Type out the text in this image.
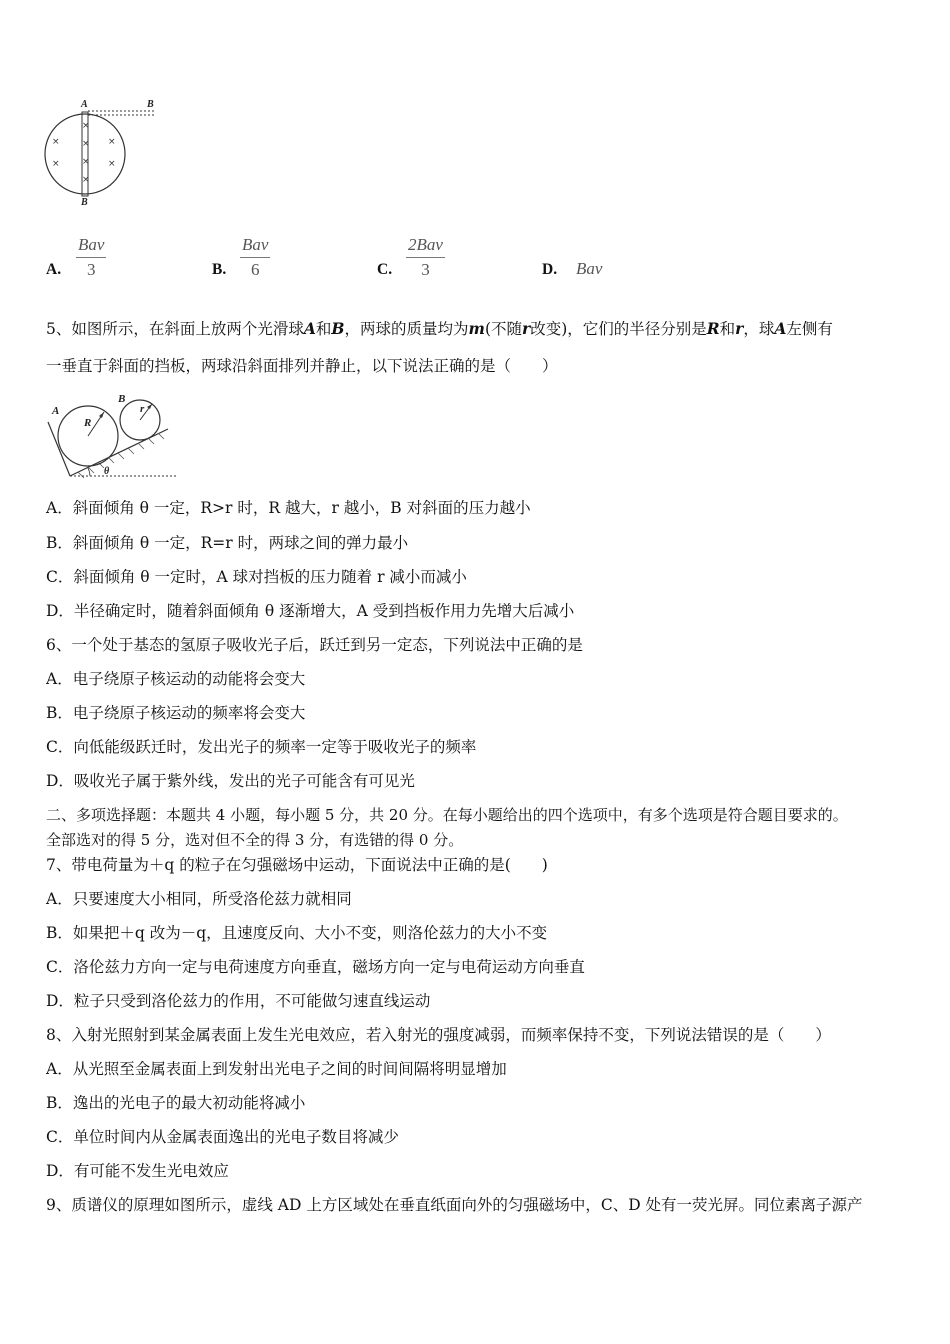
×
×
×
×
×
×
×
×
A	B
B
A.
Bav
3	B.
Bav
6	C.
2Bav
3	D. Bav
5、如图所示，在斜面上放两个光滑球A和B，两球的质量均为m(不随r改变)，它们的半径分别是R和r，球A左侧有
一垂直于斜面的挡板，两球沿斜面排列并静止，以下说法正确的是（　　）
A
B
R
r
θ
A．斜面倾角 θ 一定，R>r 时，R 越大，r 越小，B 对斜面的压力越小
B．斜面倾角 θ 一定，R=r 时，两球之间的弹力最小
C．斜面倾角 θ 一定时，A 球对挡板的压力随着 r 减小而减小
D．半径确定时，随着斜面倾角 θ 逐渐增大，A 受到挡板作用力先增大后减小
6、一个处于基态的氢原子吸收光子后，跃迁到另一定态，下列说法中正确的是
A．电子绕原子核运动的动能将会变大
B．电子绕原子核运动的频率将会变大
C．向低能级跃迁时，发出光子的频率一定等于吸收光子的频率
D．吸收光子属于紫外线，发出的光子可能含有可见光
二、多项选择题：本题共 4 小题，每小题 5 分，共 20 分。在每小题给出的四个选项中，有多个选项是符合题目要求的。
全部选对的得 5 分，选对但不全的得 3 分，有选错的得 0 分。
7、带电荷量为＋q 的粒子在匀强磁场中运动，下面说法中正确的是(　　)
A．只要速度大小相同，所受洛伦兹力就相同
B．如果把＋q 改为－q，且速度反向、大小不变，则洛伦兹力的大小不变
C．洛伦兹力方向一定与电荷速度方向垂直，磁场方向一定与电荷运动方向垂直
D．粒子只受到洛伦兹力的作用，不可能做匀速直线运动
8、入射光照射到某金属表面上发生光电效应，若入射光的强度减弱，而频率保持不变，下列说法错误的是（　　）
A．从光照至金属表面上到发射出光电子之间的时间间隔将明显增加
B．逸出的光电子的最大初动能将减小
C．单位时间内从金属表面逸出的光电子数目将减少
D．有可能不发生光电效应
9、质谱仪的原理如图所示，虚线 AD 上方区域处在垂直纸面向外的匀强磁场中，C、D 处有一荧光屏。同位素离子源产
